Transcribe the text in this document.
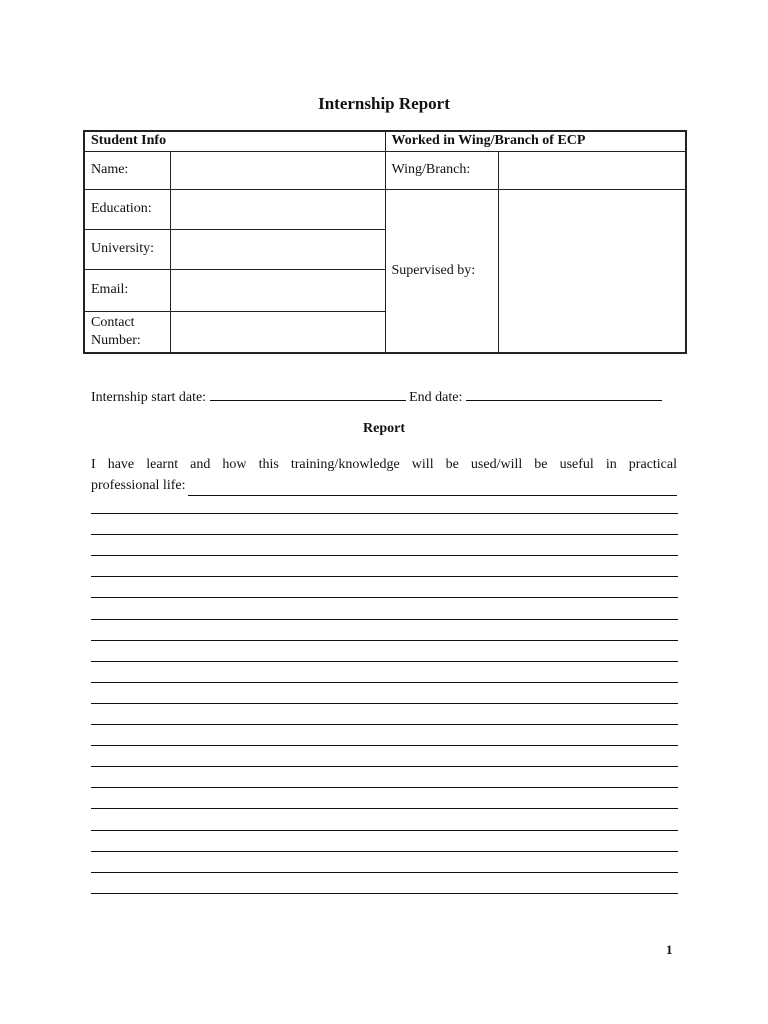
Internship Report
Student Info		Worked in Wing/Branch of ECP	
Name:		Wing/Branch:	
Education:		Supervised by:	
University:			
Email:			
Contact Number:			
Internship start date:	End date:
Report
I have learnt and how this training/knowledge will be used/will be useful in practical
professional life:
1
